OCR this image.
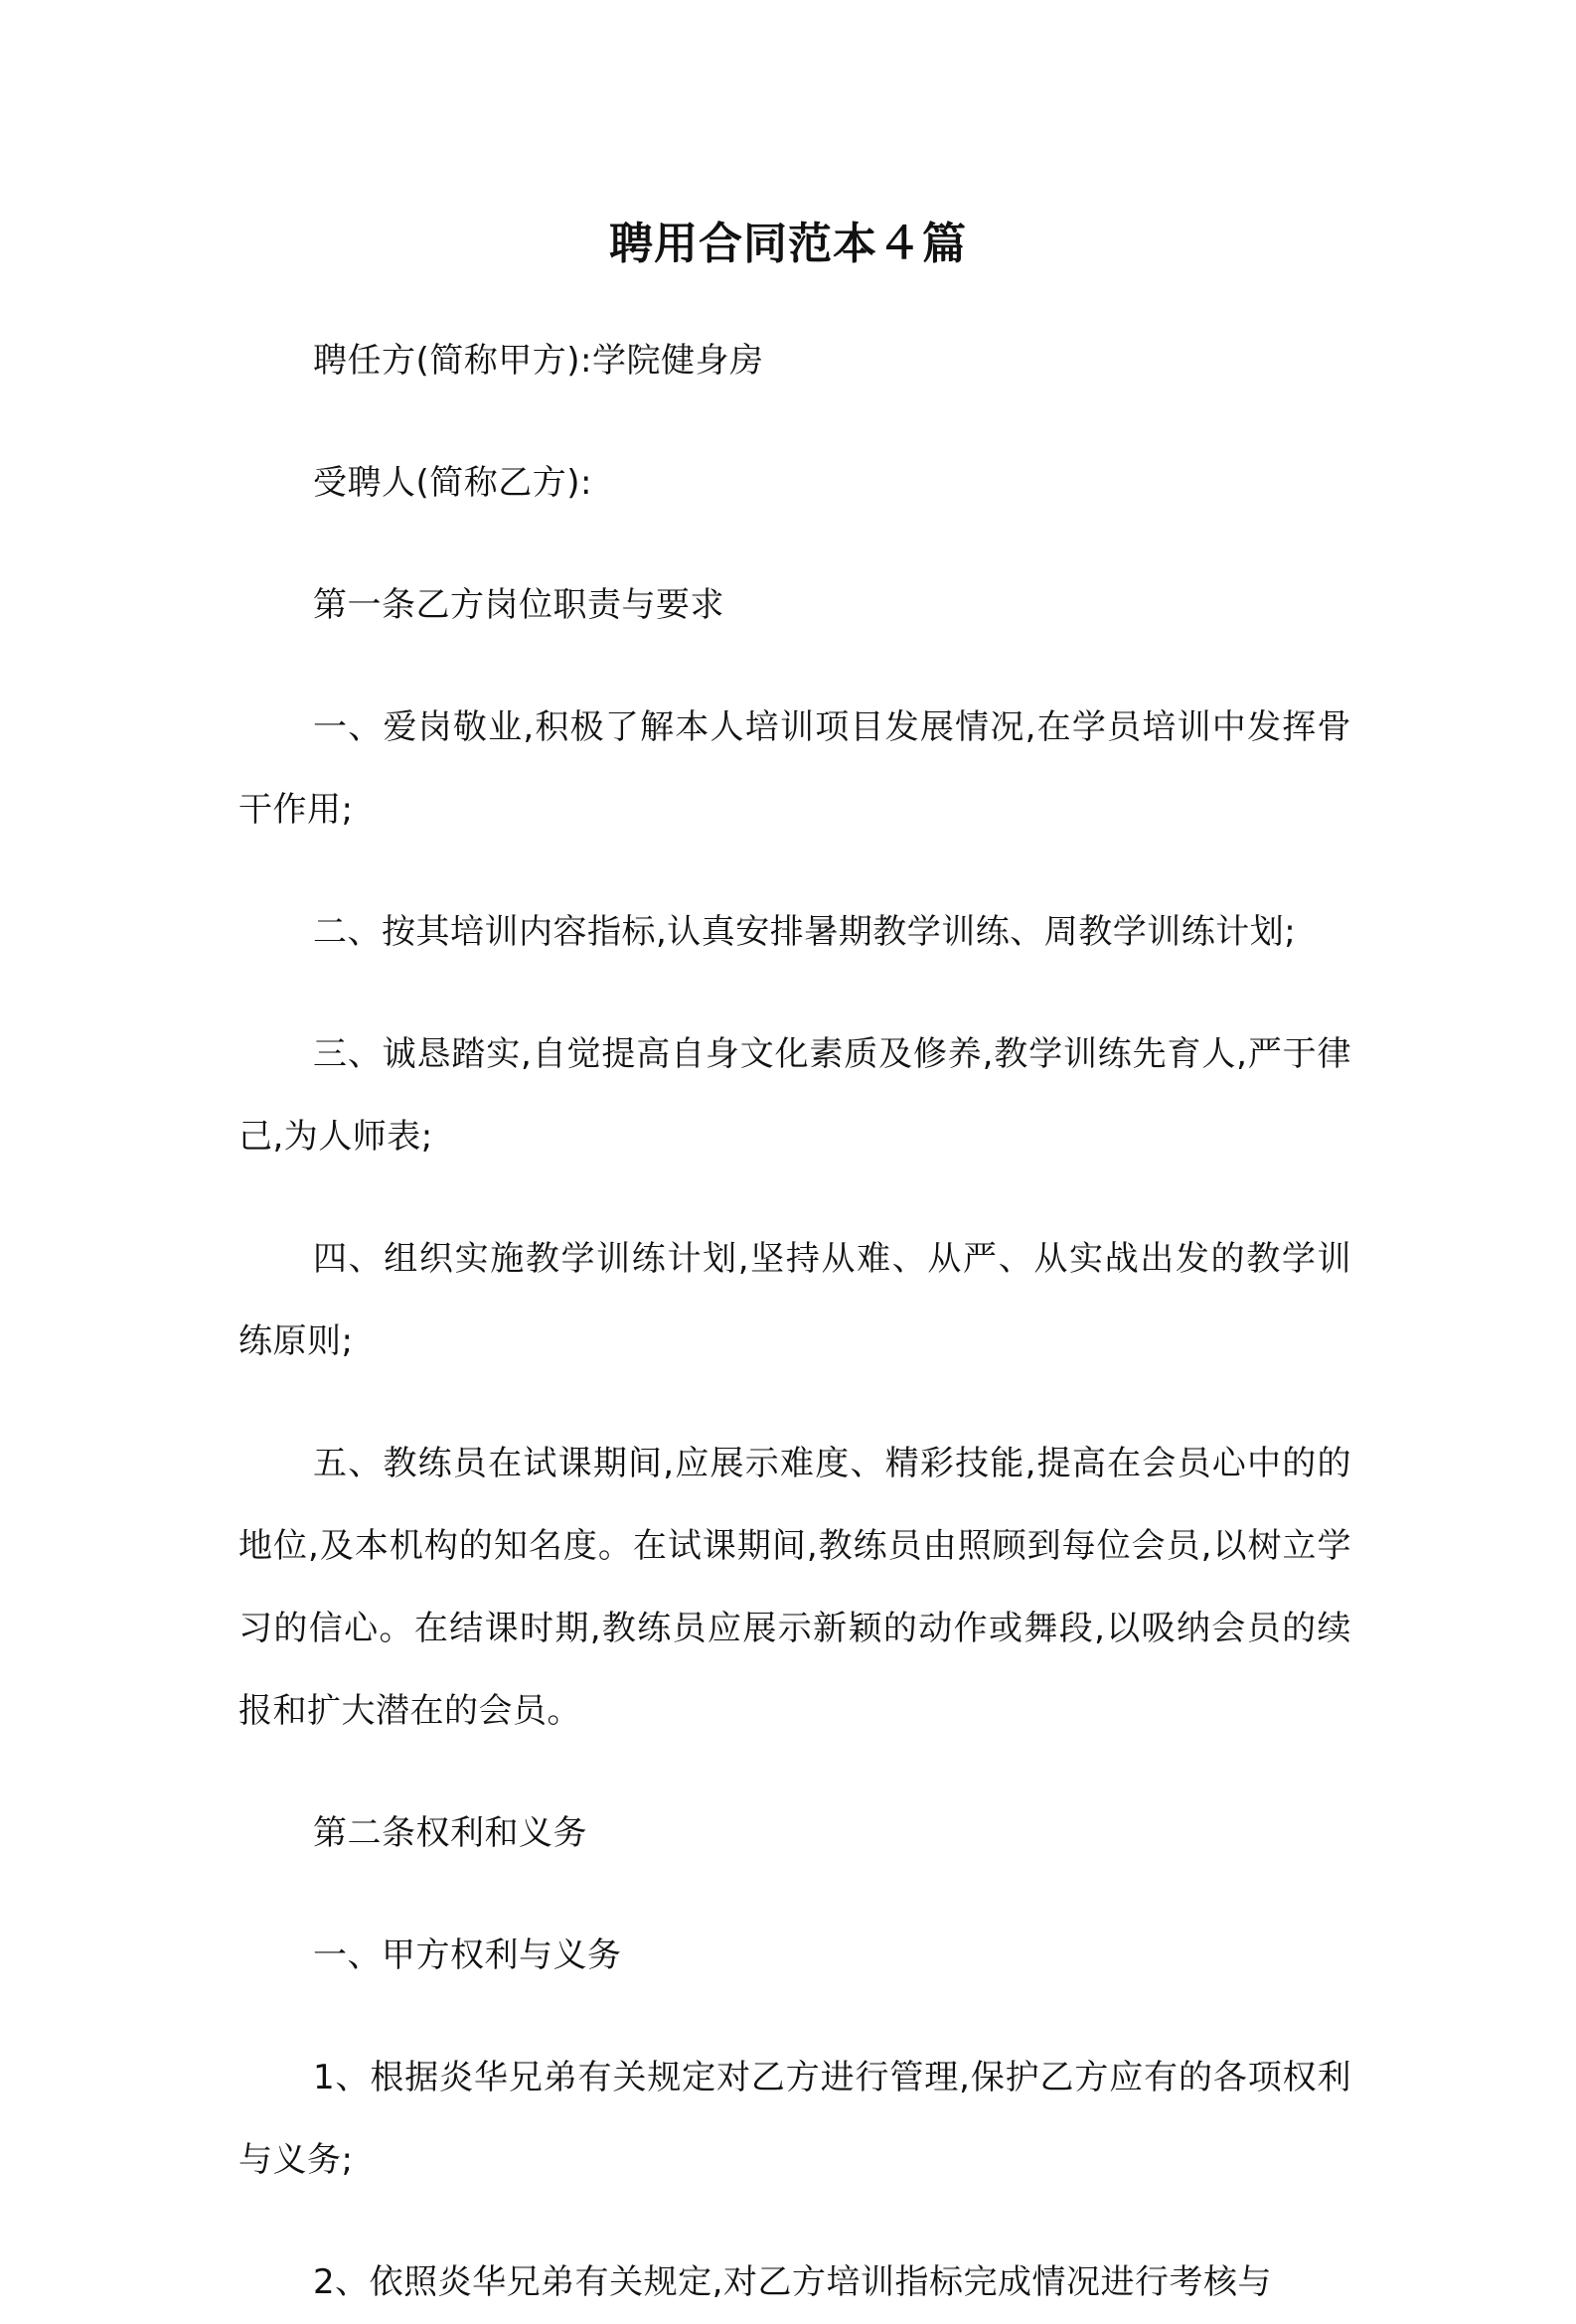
聘用合同范本４篇

聘任方(简称甲方):学院健身房

受聘人(简称乙方):

第一条乙方岗位职责与要求

一、爱岗敬业,积极了解本人培训项目发展情况,在学员培训中发挥骨干作用;

二、按其培训内容指标,认真安排暑期教学训练、周教学训练计划;

三、诚恳踏实,自觉提高自身文化素质及修养,教学训练先育人,严于律己,为人师表;

四、组织实施教学训练计划,坚持从难、从严、从实战出发的教学训练原则;

五、教练员在试课期间,应展示难度、精彩技能,提高在会员心中的的地位,及本机构的知名度。在试课期间,教练员由照顾到每位会员,以树立学习的信心。在结课时期,教练员应展示新颖的动作或舞段,以吸纳会员的续报和扩大潜在的会员。

第二条权利和义务

一、甲方权利与义务

1、根据炎华兄弟有关规定对乙方进行管理,保护乙方应有的各项权利与义务;

2、依照炎华兄弟有关规定,对乙方培训指标完成情况进行考核与
